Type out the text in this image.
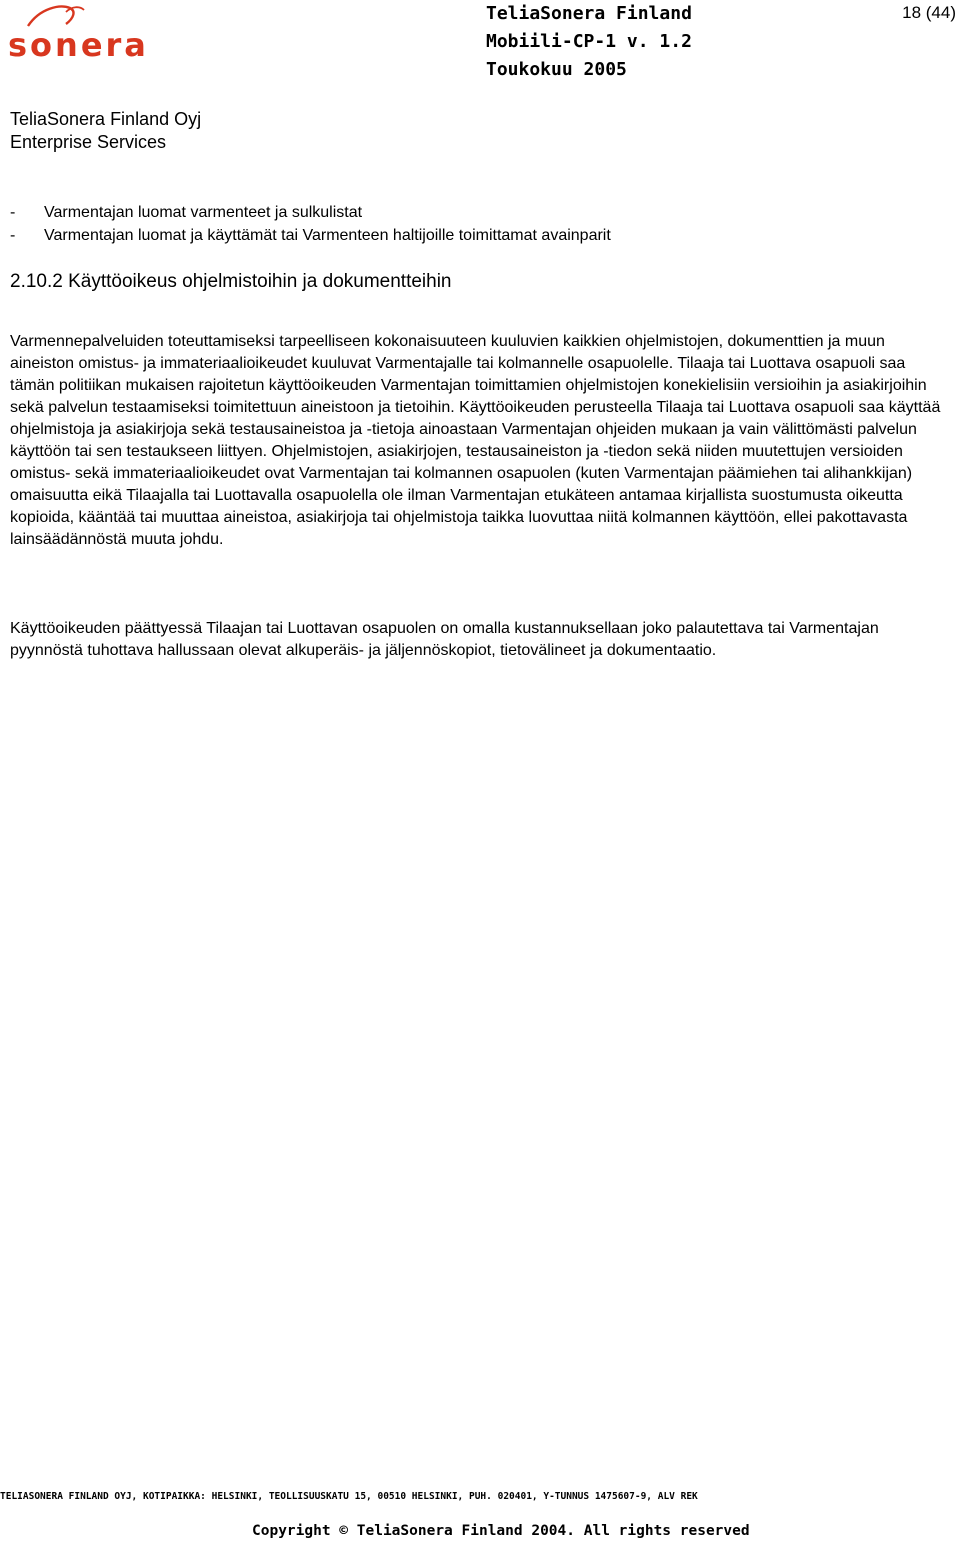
sonera
TeliaSonera Finland
Mobiili-CP-1 v. 1.2
Toukokuu 2005
18 (44)
TeliaSonera Finland Oyj
Enterprise Services
- Varmentajan luomat varmenteet ja sulkulistat
- Varmentajan luomat ja käyttämät tai Varmenteen haltijoille toimittamat avainparit
2.10.2 Käyttöoikeus ohjelmistoihin ja dokumentteihin
Varmennepalveluiden toteuttamiseksi tarpeelliseen kokonaisuuteen kuuluvien kaikkien ohjelmistojen, dokumenttien ja muun aineiston omistus- ja immateriaalioikeudet kuuluvat Varmentajalle tai kolmannelle osapuolelle. Tilaaja tai Luottava osapuoli saa tämän politiikan mukaisen rajoitetun käyttöoikeuden Varmentajan toimittamien ohjelmistojen konekielisiin versioihin ja asiakirjoihin sekä palvelun testaamiseksi toimitettuun aineistoon ja tietoihin. Käyttöoikeuden perusteella Tilaaja tai Luottava osapuoli saa käyttää ohjelmistoja ja asiakirjoja sekä testausaineistoa ja -tietoja ainoastaan Varmentajan ohjeiden mukaan ja vain välittömästi palvelun käyttöön tai sen testaukseen liittyen. Ohjelmistojen, asiakirjojen, testausaineiston ja -tiedon sekä niiden muutettujen versioiden omistus- sekä immateriaalioikeudet ovat Varmentajan tai kolmannen osapuolen (kuten Varmentajan päämiehen tai alihankkijan) omaisuutta eikä Tilaajalla tai Luottavalla osapuolella ole ilman Varmentajan etukäteen antamaa kirjallista suostumusta oikeutta kopioida, kääntää tai muuttaa aineistoa, asiakirjoja tai ohjelmistoja taikka luovuttaa niitä kolmannen käyttöön, ellei pakottavasta lainsäädännöstä muuta johdu.
Käyttöoikeuden päättyessä Tilaajan tai Luottavan osapuolen on omalla kustannuksellaan joko palautettava tai Varmentajan pyynnöstä tuhottava hallussaan olevat alkuperäis- ja jäljennöskopiot, tietovälineet ja dokumentaatio.
TELIASONERA FINLAND OYJ, KOTIPAIKKA: HELSINKI, TEOLLISUUSKATU 15, 00510 HELSINKI, PUH. 020401, Y-TUNNUS 1475607-9, ALV REK
Copyright © TeliaSonera Finland 2004. All rights reserved
